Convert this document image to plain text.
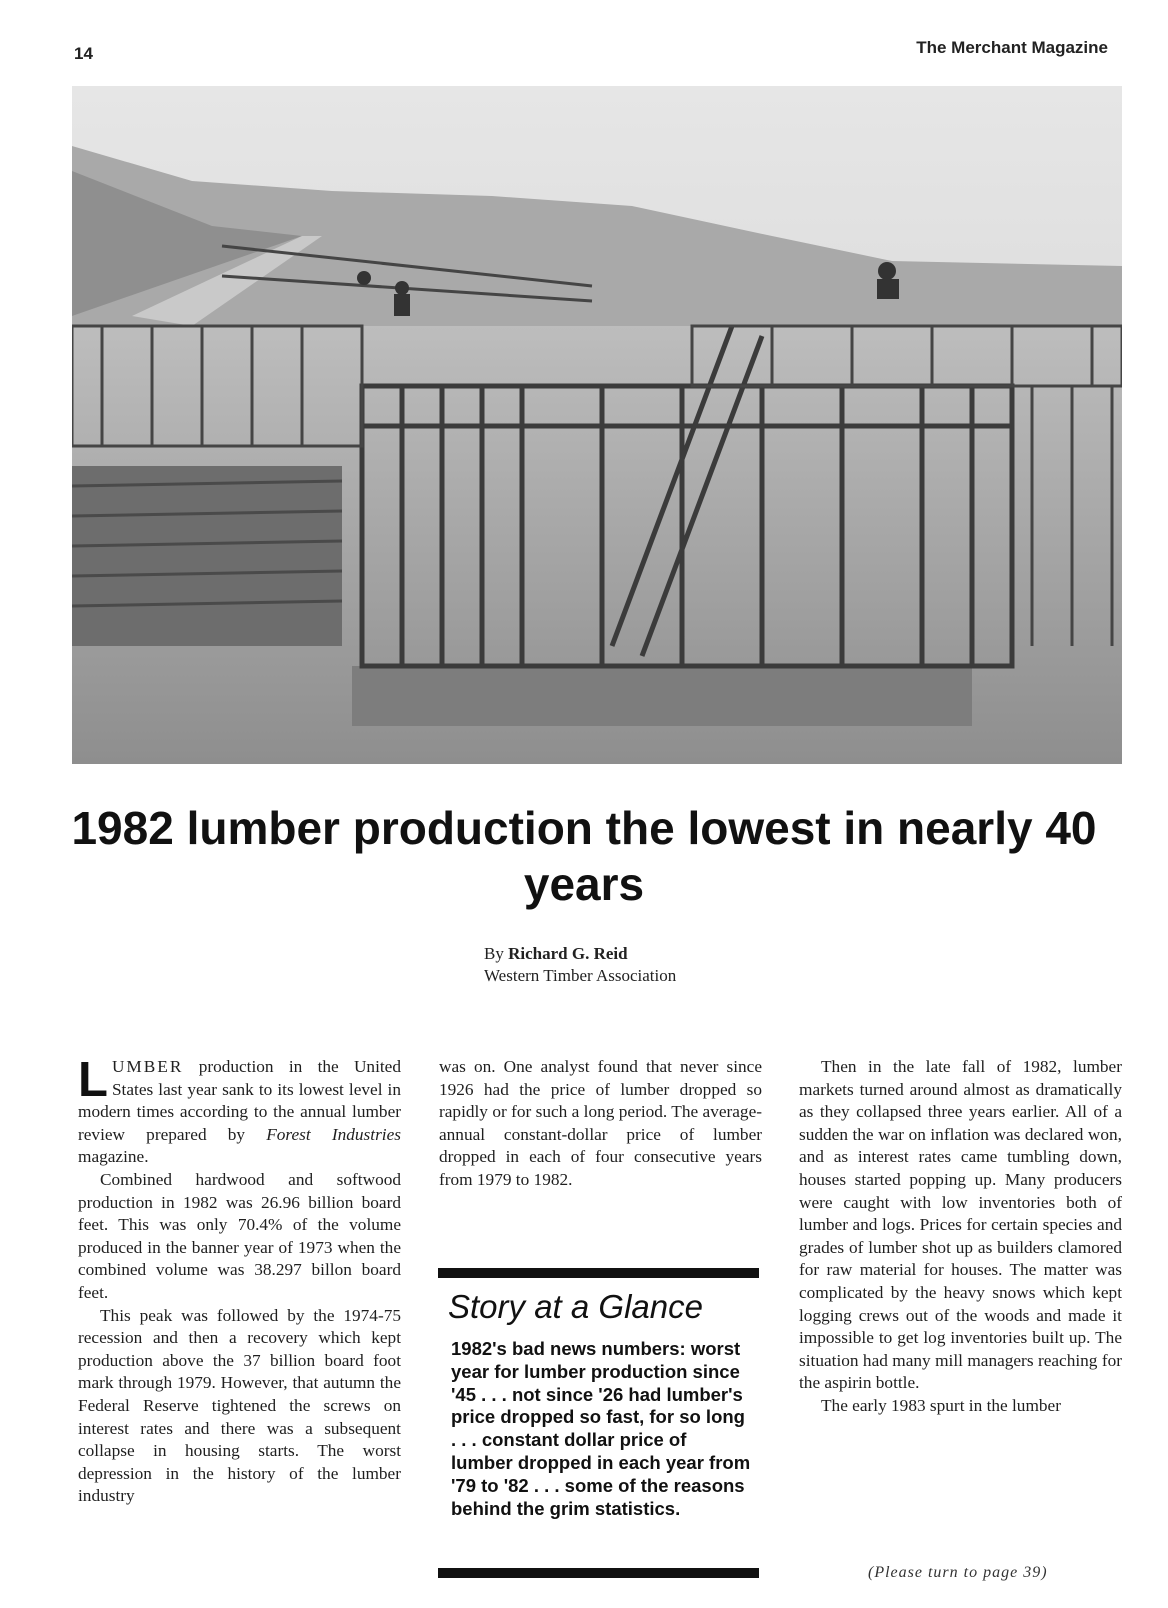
14	The Merchant Magazine
1982 lumber production the lowest in nearly 40 years
By Richard G. Reid
Western Timber Association

LUMBER production in the United States last year sank to its lowest level in modern times according to the annual lumber review prepared by Forest Industries magazine.

Combined hardwood and softwood production in 1982 was 26.96 billion board feet. This was only 70.4% of the volume produced in the banner year of 1973 when the combined volume was 38.297 billon board feet.

This peak was followed by the 1974-75 recession and then a recovery which kept production above the 37 billion board foot mark through 1979. However, that autumn the Federal Reserve tightened the screws on interest rates and there was a subsequent collapse in housing starts. The worst depression in the history of the lumber industry

was on. One analyst found that never since 1926 had the price of lumber dropped so rapidly or for such a long period. The average-annual constant-dollar price of lumber dropped in each of four consecutive years from 1979 to 1982.

Story at a Glance
1982's bad news numbers: worst year for lumber production since '45 . . . not since '26 had lumber's price dropped so fast, for so long . . . constant dollar price of lumber dropped in each year from '79 to '82 . . . some of the reasons behind the grim statistics.

Then in the late fall of 1982, lumber markets turned around almost as dramatically as they collapsed three years earlier. All of a sudden the war on inflation was declared won, and as interest rates came tumbling down, houses started popping up. Many producers were caught with low inventories both of lumber and logs. Prices for certain species and grades of lumber shot up as builders clamored for raw material for houses. The matter was complicated by the heavy snows which kept logging crews out of the woods and made it impossible to get log inventories built up. The situation had many mill managers reaching for the aspirin bottle.

The early 1983 spurt in the lumber

(Please turn to page 39)
